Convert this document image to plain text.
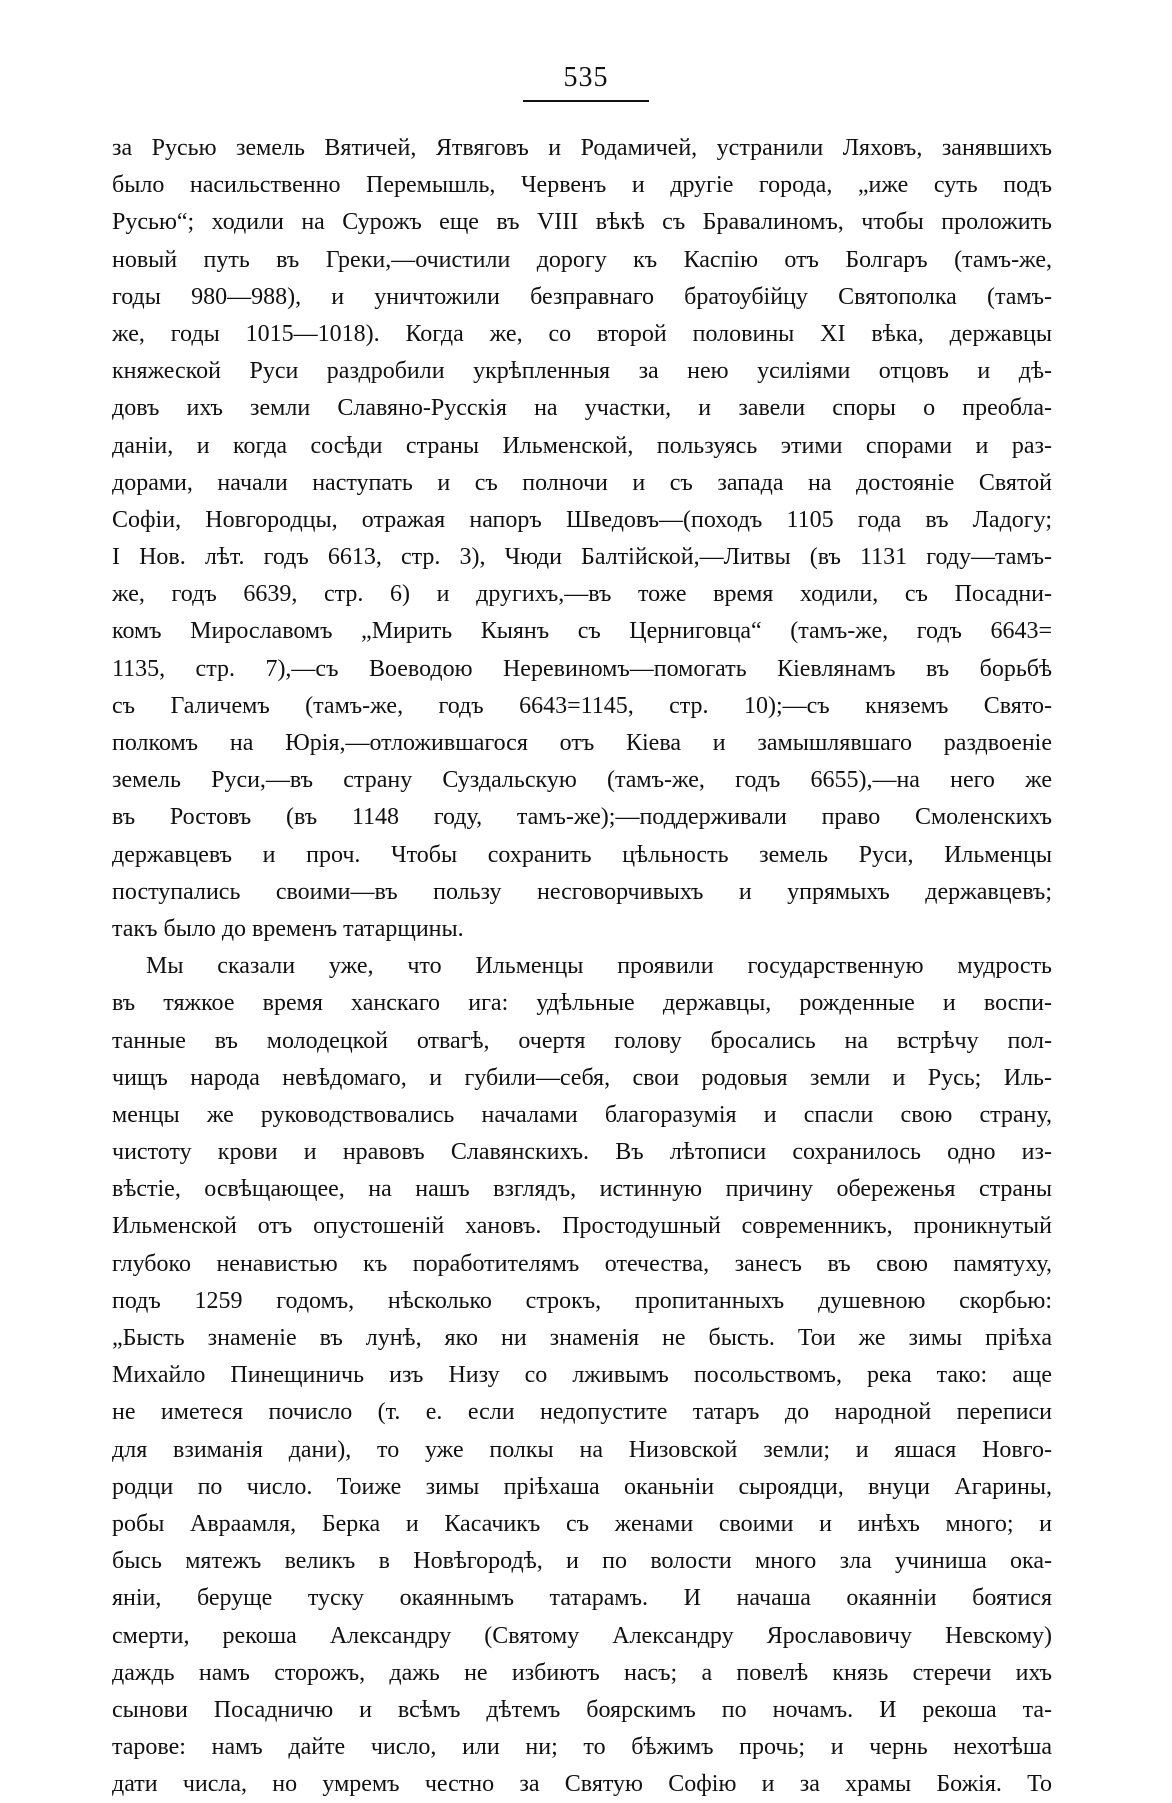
535
за Русью земель Вятичей, Ятвяговъ и Родамичей, устранили Ляховъ, занявшихъ
было насильственно Перемышль, Червенъ и другіе города, „иже суть подъ
Русью“; ходили на Сурожъ еще въ VIII вѣкѣ съ Бравалиномъ, чтобы проложить
новый путь въ Греки,—очистили дорогу къ Каспію отъ Болгаръ (тамъ-же,
годы 980—988), и уничтожили безправнаго братоубійцу Святополка (тамъ-
же, годы 1015—1018). Когда же, со второй половины XI вѣка, державцы
княжеской Руси раздробили укрѣпленныя за нею усиліями отцовъ и дѣ-
довъ ихъ земли Славяно-Русскія на участки, и завели споры о преобла-
даніи, и когда сосѣди страны Ильменской, пользуясь этими спорами и раз-
дорами, начали наступать и съ полночи и съ запада на достояніе Святой
Софіи, Новгородцы, отражая напоръ Шведовъ—(походъ 1105 года въ Ладогу;
I Нов. лѣт. годъ 6613, стр. 3), Чюди Балтійской,—Литвы (въ 1131 году—тамъ-
же, годъ 6639, стр. 6) и другихъ,—въ тоже время ходили, съ Посадни-
комъ Мирославомъ „Мирить Кыянъ съ Церниговца“ (тамъ-же, годъ 6643=
1135, стр. 7),—съ Воеводою Неревиномъ—помогать Кіевлянамъ въ борьбѣ
съ Галичемъ (тамъ-же, годъ 6643=1145, стр. 10);—съ княземъ Свято-
полкомъ на Юрія,—отложившагося отъ Кіева и замышлявшаго раздвоеніе
земель Руси,—въ страну Суздальскую (тамъ-же, годъ 6655),—на него же
въ Ростовъ (въ 1148 году, тамъ-же);—поддерживали право Смоленскихъ
державцевъ и проч. Чтобы сохранить цѣльность земель Руси, Ильменцы
поступались своими—въ пользу несговорчивыхъ и упрямыхъ державцевъ;
такъ было до временъ татарщины.
Мы сказали уже, что Ильменцы проявили государственную мудрость
въ тяжкое время ханскаго ига: удѣльные державцы, рожденные и воспи-
танные въ молодецкой отвагѣ, очертя голову бросались на встрѣчу пол-
чищъ народа невѣдомаго, и губили—себя, свои родовыя земли и Русь; Иль-
менцы же руководствовались началами благоразумія и спасли свою страну,
чистоту крови и нравовъ Славянскихъ. Въ лѣтописи сохранилось одно из-
вѣстіе, освѣщающее, на нашъ взглядъ, истинную причину обереженья страны
Ильменской отъ опустошеній хановъ. Простодушный современникъ, проникнутый
глубоко ненавистью къ поработителямъ отечества, занесъ въ свою памятуху,
подъ 1259 годомъ, нѣсколько строкъ, пропитанныхъ душевною скорбью:
„Бысть знаменіе въ лунѣ, яко ни знаменія не бысть. Тои же зимы пріѣха
Михайло Пинещиничь изъ Низу со лживымъ посольствомъ, река тако: аще
не иметеся почисло (т. е. если недопустите татаръ до народной переписи
для взиманія дани), то уже полкы на Низовской земли; и яшася Новго-
родци по число. Тоиже зимы пріѣхаша оканьніи сыроядци, внуци Агарины,
робы Авраамля, Берка и Касачикъ съ женами своими и инѣхъ много; и
бысь мятежъ великъ в Новѣгородѣ, и по волости много зла учиниша ока-
яніи, беруще туску окаяннымъ татарамъ. И начаша окаянніи боятися
смерти, рекоша Александру (Святому Александру Ярославовичу Невскому)
даждь намъ сторожъ, дажь не избиютъ насъ; а повелѣ князь стеречи ихъ
сынови Посадничю и всѣмъ дѣтемъ боярскимъ по ночамъ. И рекоша та-
тарове: намъ дайте число, или ни; то бѣжимъ прочь; и чернь нехотѣша
дати числа, но умремъ честно за Святую Софію и за храмы Божія. То
